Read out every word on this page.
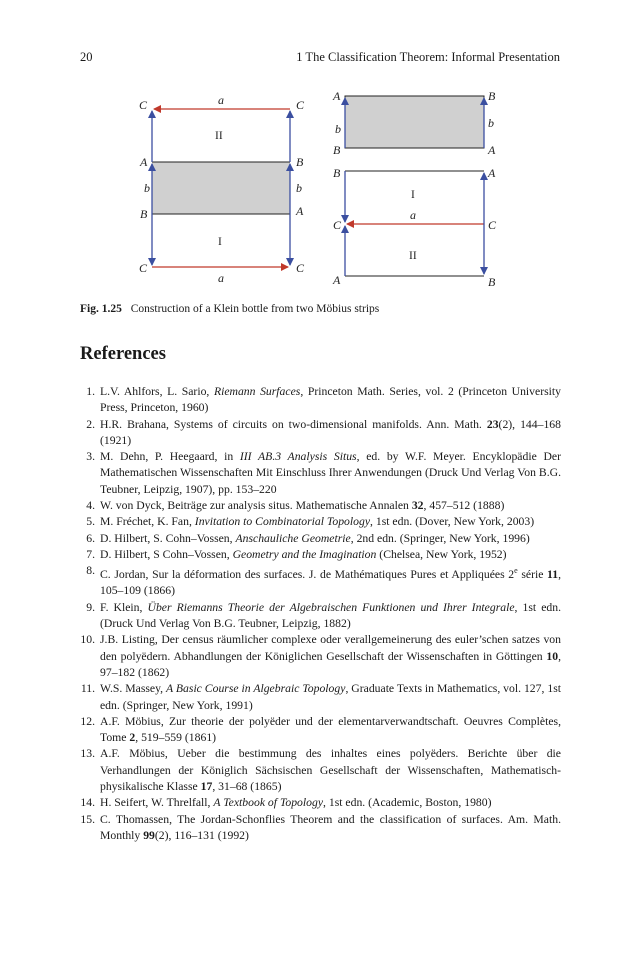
20	1 The Classification Theorem: Informal Presentation
C	C
A	B
b	b
B	A
C	C
a
a
II
I
A	B
B	A
B	A
C	C
A	B
b	b
a
I
II
Fig. 1.25 Construction of a Klein bottle from two Möbius strips
References
1. L.V. Ahlfors, L. Sario, Riemann Surfaces, Princeton Math. Series, vol. 2 (Princeton University Press, Princeton, 1960)
2. H.R. Brahana, Systems of circuits on two-dimensional manifolds. Ann. Math. 23(2), 144–168 (1921)
3. M. Dehn, P. Heegaard, in III AB.3 Analysis Situs, ed. by W.F. Meyer. Encyklopädie Der Mathematischen Wissenschaften Mit Einschluss Ihrer Anwendungen (Druck Und Verlag Von B.G. Teubner, Leipzig, 1907), pp. 153–220
4. W. von Dyck, Beiträge zur analysis situs. Mathematische Annalen 32, 457–512 (1888)
5. M. Fréchet, K. Fan, Invitation to Combinatorial Topology, 1st edn. (Dover, New York, 2003)
6. D. Hilbert, S. Cohn–Vossen, Anschauliche Geometrie, 2nd edn. (Springer, New York, 1996)
7. D. Hilbert, S Cohn–Vossen, Geometry and the Imagination (Chelsea, New York, 1952)
8. C. Jordan, Sur la déformation des surfaces. J. de Mathématiques Pures et Appliquées 2e série 11, 105–109 (1866)
9. F. Klein, Über Riemanns Theorie der Algebraischen Funktionen und Ihrer Integrale, 1st edn. (Druck Und Verlag Von B.G. Teubner, Leipzig, 1882)
10. J.B. Listing, Der census räumlicher complexe oder verallgemeinerung des euler’schen satzes von den polyëdern. Abhandlungen der Königlichen Gesellschaft der Wissenschaften in Göttingen 10, 97–182 (1862)
11. W.S. Massey, A Basic Course in Algebraic Topology, Graduate Texts in Mathematics, vol. 127, 1st edn. (Springer, New York, 1991)
12. A.F. Möbius, Zur theorie der polyëder und der elementarverwandtschaft. Oeuvres Complètes, Tome 2, 519–559 (1861)
13. A.F. Möbius, Ueber die bestimmung des inhaltes eines polyëders. Berichte über die Verhandlungen der Königlich Sächsischen Gesellschaft der Wissenschaften, Mathematisch-physikalische Klasse 17, 31–68 (1865)
14. H. Seifert, W. Threlfall, A Textbook of Topology, 1st edn. (Academic, Boston, 1980)
15. C. Thomassen, The Jordan-Schonflies Theorem and the classification of surfaces. Am. Math. Monthly 99(2), 116–131 (1992)
